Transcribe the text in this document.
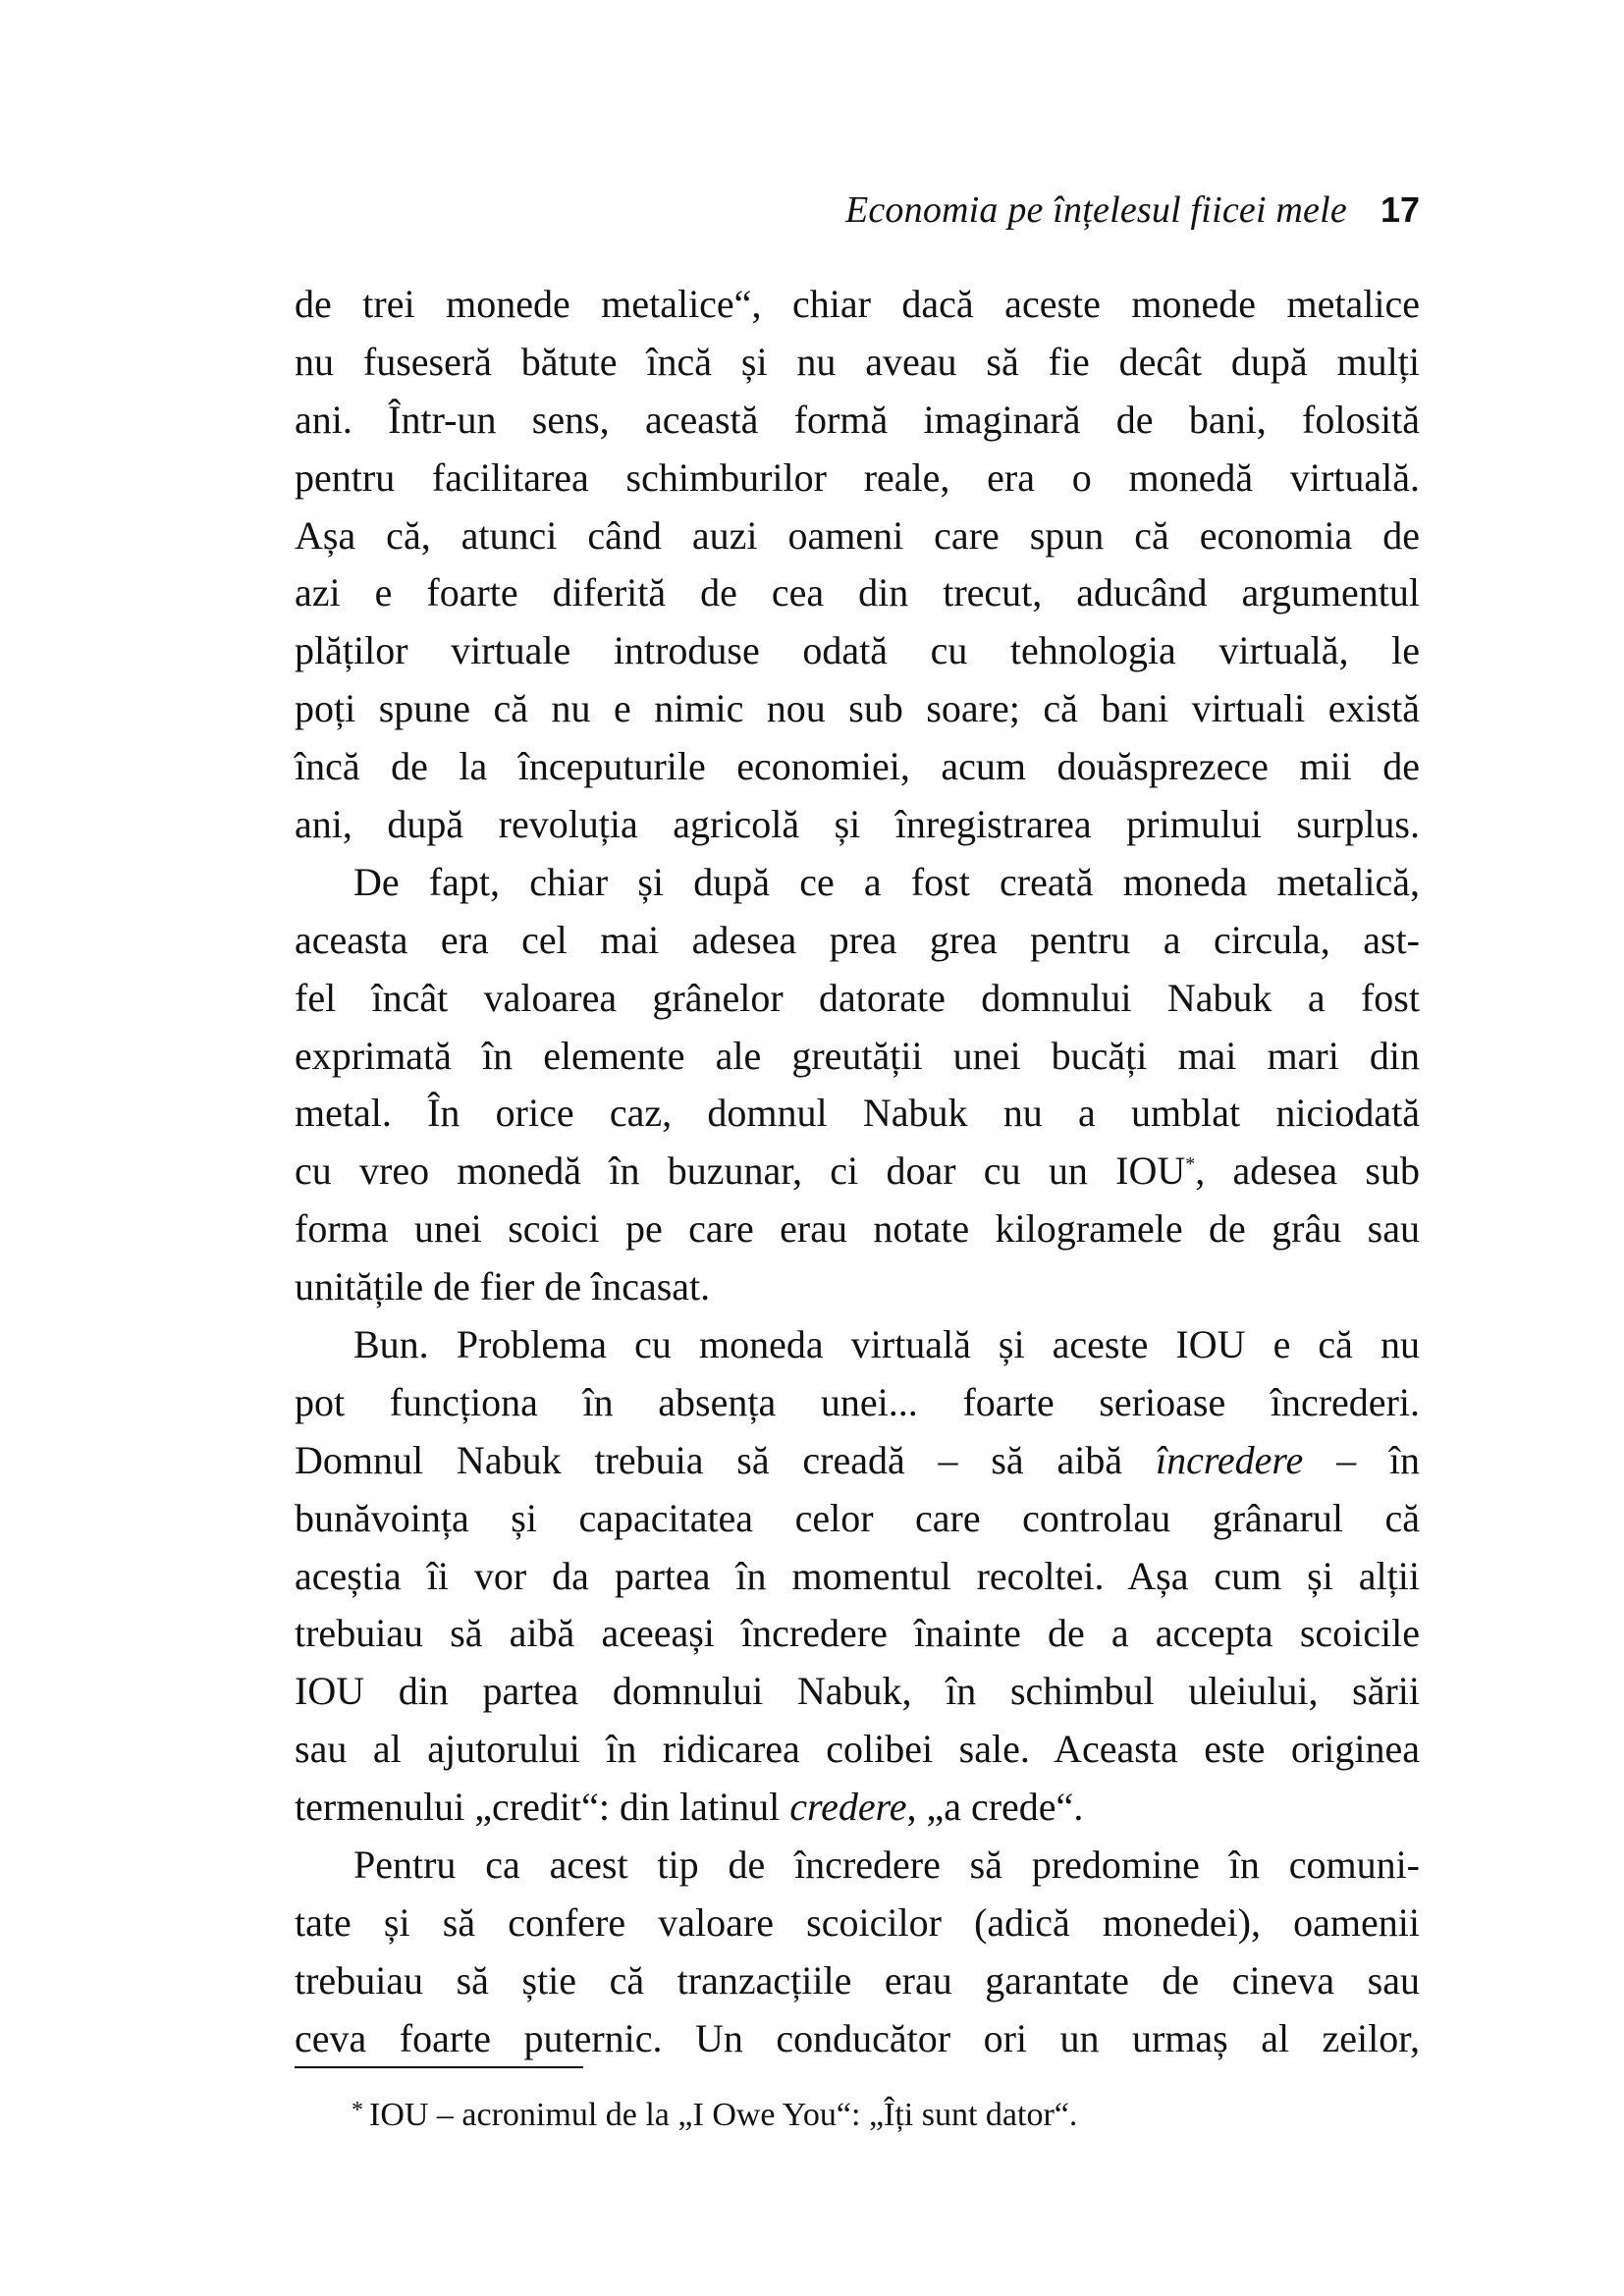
Economia pe înțelesul fiicei mele 17
de trei monede metalice“, chiar dacă aceste monede metalice
nu fuseseră bătute încă și nu aveau să fie decât după mulți
ani. Într-un sens, această formă imaginară de bani, folosită
pentru facilitarea schimburilor reale, era o monedă virtuală.
Așa că, atunci când auzi oameni care spun că economia de
azi e foarte diferită de cea din trecut, aducând argumentul
plăților virtuale introduse odată cu tehnologia virtuală, le
poți spune că nu e nimic nou sub soare; că bani virtuali există
încă de la începuturile economiei, acum douăsprezece mii de
ani, după revoluția agricolă și înregistrarea primului surplus.
De fapt, chiar și după ce a fost creată moneda metalică,
aceasta era cel mai adesea prea grea pentru a circula, ast-
fel încât valoarea grânelor datorate domnului Nabuk a fost
exprimată în elemente ale greutății unei bucăți mai mari din
metal. În orice caz, domnul Nabuk nu a umblat niciodată
cu vreo monedă în buzunar, ci doar cu un IOU*, adesea sub
forma unei scoici pe care erau notate kilogramele de grâu sau
unitățile de fier de încasat.
Bun. Problema cu moneda virtuală și aceste IOU e că nu
pot funcționa în absența unei... foarte serioase încrederi.
Domnul Nabuk trebuia să creadă – să aibă încredere – în
bunăvoința și capacitatea celor care controlau grânarul că
aceștia îi vor da partea în momentul recoltei. Așa cum și alții
trebuiau să aibă aceeași încredere înainte de a accepta scoicile
IOU din partea domnului Nabuk, în schimbul uleiului, sării
sau al ajutorului în ridicarea colibei sale. Aceasta este originea
termenului „credit“: din latinul credere, „a crede“.
Pentru ca acest tip de încredere să predomine în comuni-
tate și să confere valoare scoicilor (adică monedei), oamenii
trebuiau să știe că tranzacțiile erau garantate de cineva sau
ceva foarte puternic. Un conducător ori un urmaș al zeilor,
* IOU – acronimul de la „I Owe You“: „Îți sunt dator“.
